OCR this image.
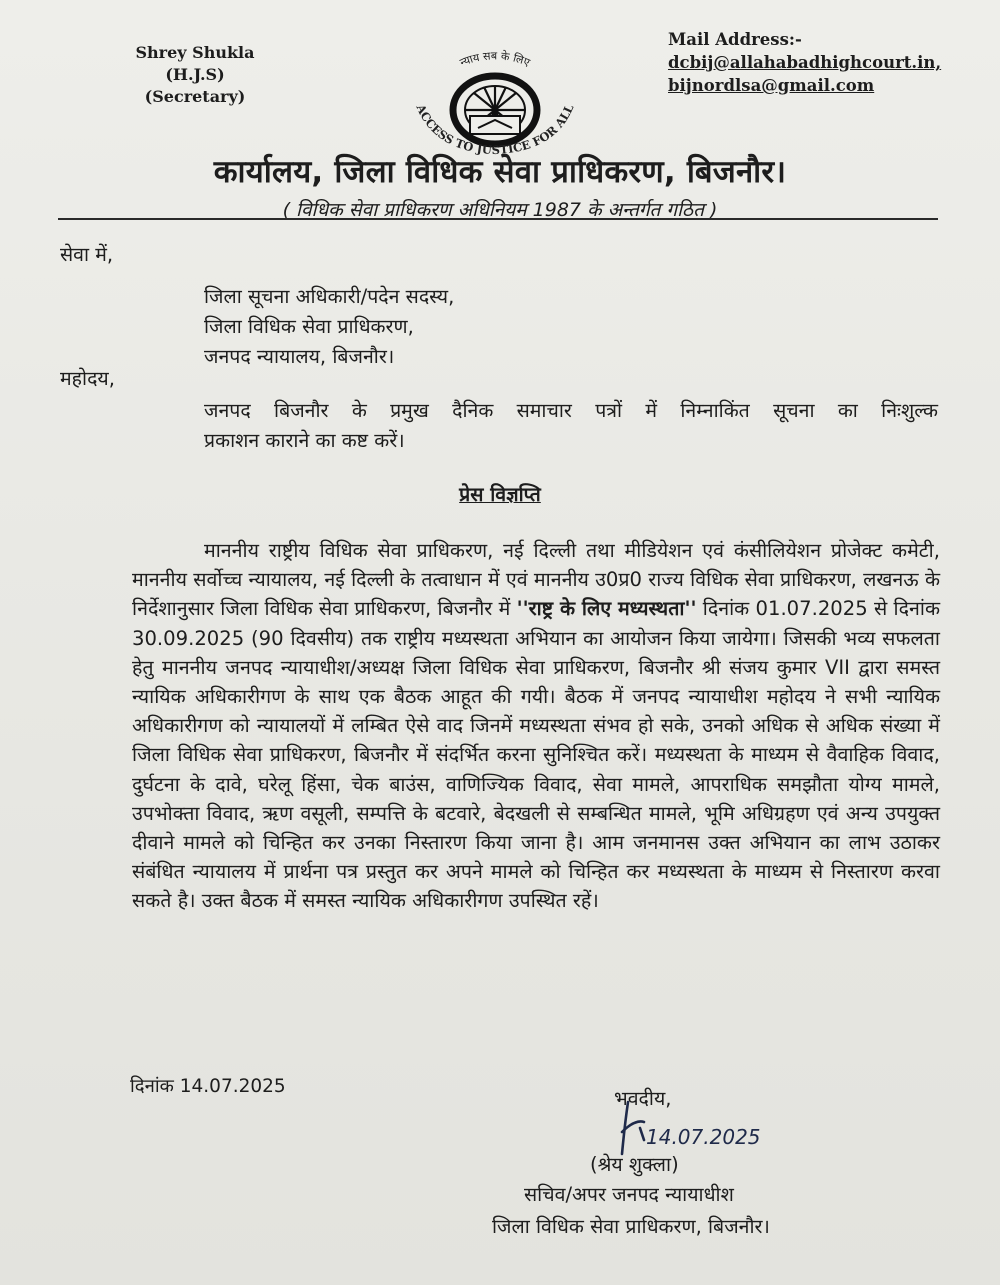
Shrey Shukla
(H.J.S)
(Secretary)
न्याय सब के लिए
ACCESS TO JUSTICE FOR ALL
Mail Address:-
dcbij@allahabadhighcourt.in,
bijnordlsa@gmail.com
कार्यालय, जिला विधिक सेवा प्राधिकरण, बिजनौर।
( विधिक सेवा प्राधिकरण अधिनियम 1987 के अन्तर्गत गठित )
सेवा में,
जिला सूचना अधिकारी/पदेन सदस्य,
जिला विधिक सेवा प्राधिकरण,
जनपद न्यायालय, बिजनौर।
महोदय,
जनपद बिजनौर के प्रमुख दैनिक समाचार पत्रों में निम्नाकिंत सूचना का निःशुल्क
प्रकाशन काराने का कष्ट करें।
प्रेस विज्ञप्ति
माननीय राष्ट्रीय विधिक सेवा प्राधिकरण, नई दिल्ली तथा मीडियेशन एवं कंसीलियेशन प्रोजेक्ट कमेटी, माननीय सर्वोच्च न्यायालय, नई दिल्ली के तत्वाधान में एवं माननीय उ0प्र0 राज्य विधिक सेवा प्राधिकरण, लखनऊ के निर्देशानुसार जिला विधिक सेवा प्राधिकरण, बिजनौर में ''राष्ट्र के लिए मध्यस्थता'' दिनांक 01.07.2025 से दिनांक 30.09.2025 (90 दिवसीय) तक राष्ट्रीय मध्यस्थता अभियान का आयोजन किया जायेगा। जिसकी भव्य सफलता हेतु माननीय जनपद न्यायाधीश/अध्यक्ष जिला विधिक सेवा प्राधिकरण, बिजनौर श्री संजय कुमार VII द्वारा समस्त न्यायिक अधिकारीगण के साथ एक बैठक आहूत की गयी। बैठक में जनपद न्यायाधीश महोदय ने सभी न्यायिक अधिकारीगण को न्यायालयों में लम्बित ऐसे वाद जिनमें मध्यस्थता संभव हो सके, उनको अधिक से अधिक संख्या में जिला विधिक सेवा प्राधिकरण, बिजनौर में संदर्भित करना सुनिश्चित करें। मध्यस्थता के माध्यम से वैवाहिक विवाद, दुर्घटना के दावे, घरेलू हिंसा, चेक बाउंस, वाणिज्यिक विवाद, सेवा मामले, आपराधिक समझौता योग्य मामले, उपभोक्ता विवाद, ऋण वसूली, सम्पत्ति के बटवारे, बेदखली से सम्बन्धित मामले, भूमि अधिग्रहण एवं अन्य उपयुक्त दीवाने मामले को चिन्हित कर उनका निस्तारण किया जाना है। आम जनमानस उक्त अभियान का लाभ उठाकर संबंधित न्यायालय में प्रार्थना पत्र प्रस्तुत कर अपने मामले को चिन्हित कर मध्यस्थता के माध्यम से निस्तारण करवा सकते है। उक्त बैठक में समस्त न्यायिक अधिकारीगण उपस्थित रहें।
दिनांक 14.07.2025
भवदीय,
14.07.2025
(श्रेय शुक्ला)
सचिव/अपर जनपद न्यायाधीश
जिला विधिक सेवा प्राधिकरण, बिजनौर।
